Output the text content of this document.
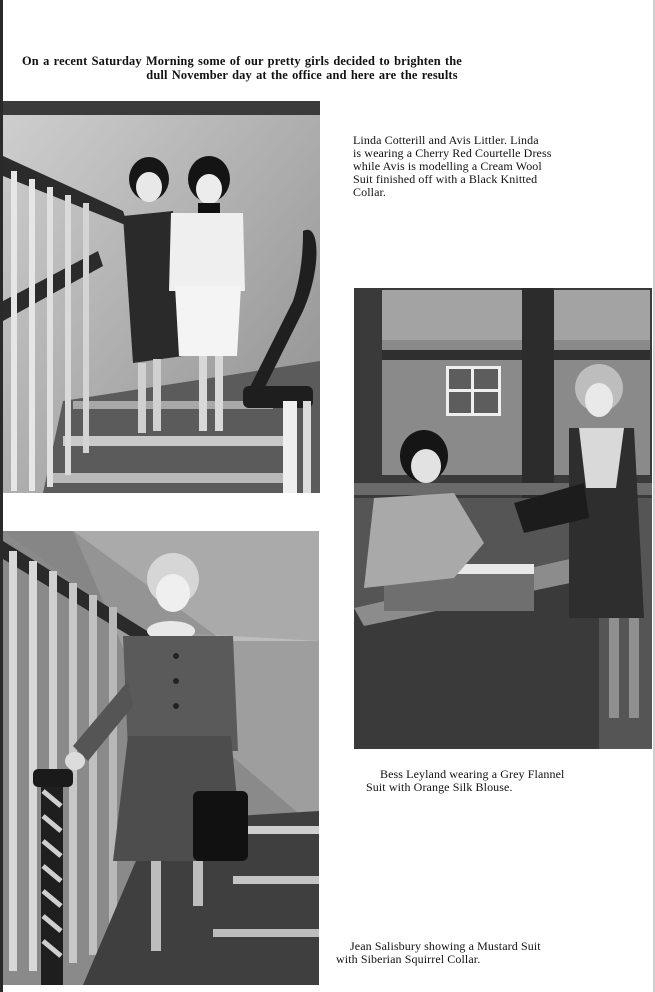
On a recent Saturday Morning some of our pretty girls decided to brighten the
dull November day at the office and here are the results
Linda Cotterill and Avis Littler. Linda
is wearing a Cherry Red Courtelle Dress
while Avis is modelling a Cream Wool
Suit finished off with a Black Knitted
Collar.
Bess Leyland wearing a Grey Flannel
Suit with Orange Silk Blouse.
Jean Salisbury showing a Mustard Suit
with Siberian Squirrel Collar.
